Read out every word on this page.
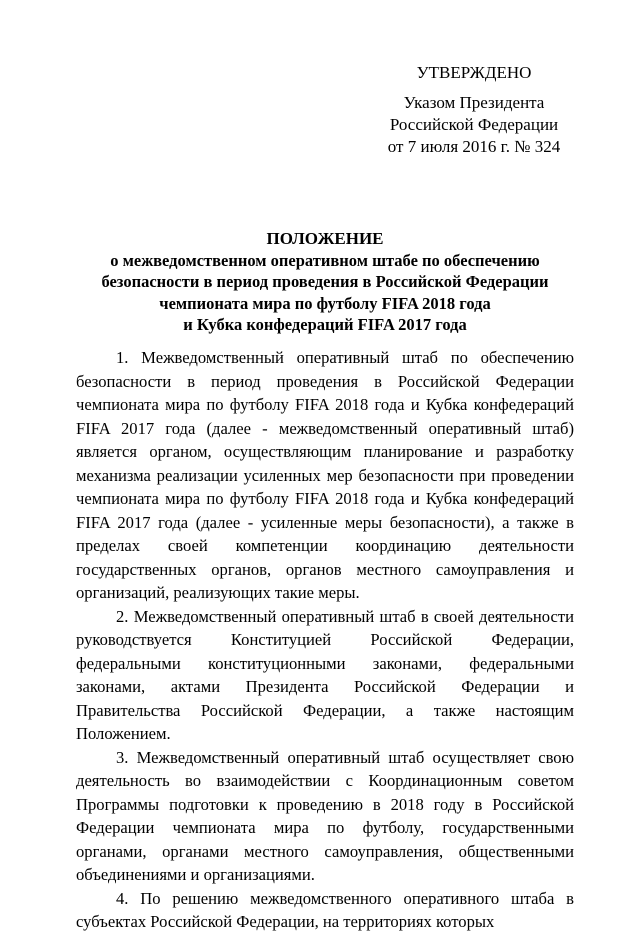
УТВЕРЖДЕНО
Указом Президента
Российской Федерации
от 7 июля 2016 г. № 324
ПОЛОЖЕНИЕ
о межведомственном оперативном штабе по обеспечению
безопасности в период проведения в Российской Федерации
чемпионата мира по футболу FIFA 2018 года
и Кубка конфедераций FIFA 2017 года

1. Межведомственный оперативный штаб по обеспечению безопасности в период проведения в Российской Федерации чемпионата мира по футболу FIFA 2018 года и Кубка конфедераций FIFA 2017 года (далее - межведомственный оперативный штаб) является органом, осуществляющим планирование и разработку механизма реализации усиленных мер безопасности при проведении чемпионата мира по футболу FIFA 2018 года и Кубка конфедераций FIFA 2017 года (далее - усиленные меры безопасности), а также в пределах своей компетенции координацию деятельности государственных органов, органов местного самоуправления и организаций, реализующих такие меры.

2. Межведомственный оперативный штаб в своей деятельности руководствуется Конституцией Российской Федерации, федеральными конституционными законами, федеральными законами, актами Президента Российской Федерации и Правительства Российской Федерации, а также настоящим Положением.

3. Межведомственный оперативный штаб осуществляет свою деятельность во взаимодействии с Координационным советом Программы подготовки к проведению в 2018 году в Российской Федерации чемпионата мира по футболу, государственными органами, органами местного самоуправления, общественными объединениями и организациями.

4. По решению межведомственного оперативного штаба в субъектах Российской Федерации, на территориях которых
